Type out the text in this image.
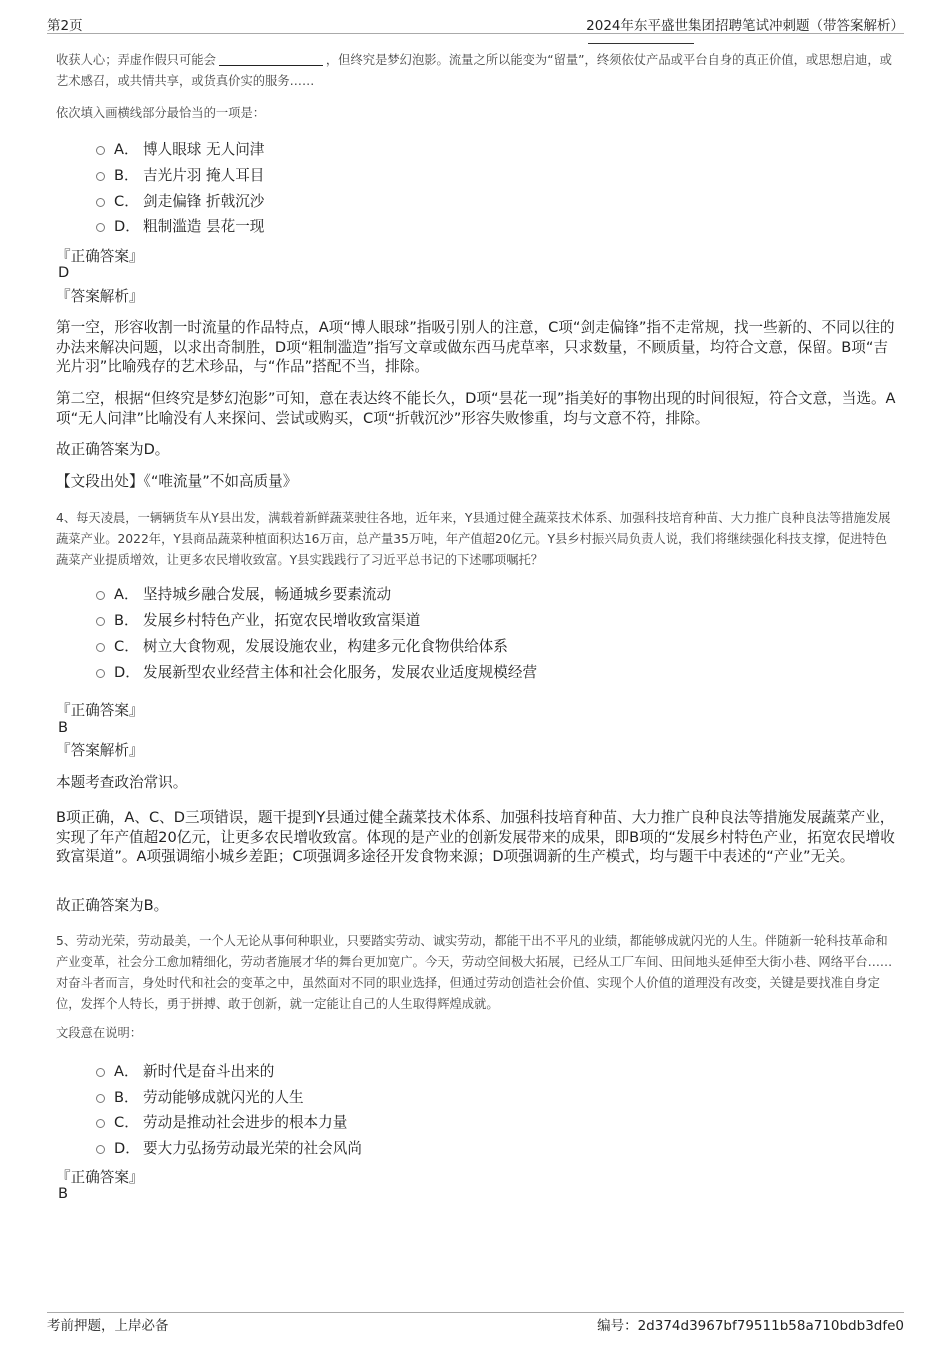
第2页	2024年东平盛世集团招聘笔试冲刺题（带答案解析）
收获人心；弄虚作假只可能会	，但终究是梦幻泡影。流量之所以能变为“留量”，终须依仗产品或平台自身的真正价值，或思想启迪，或艺术感召，或共情共享，或货真价实的服务……
依次填入画横线部分最恰当的一项是：
A． 博人眼球 无人问津
B． 吉光片羽 掩人耳目
C． 剑走偏锋 折戟沉沙
D． 粗制滥造 昙花一现
『正确答案』
D
『答案解析』
第一空，形容收割一时流量的作品特点，A项“博人眼球”指吸引别人的注意，C项“剑走偏锋”指不走常规，找一些新的、不同以往的办法来解决问题，以求出奇制胜，D项“粗制滥造”指写文章或做东西马虎草率，只求数量，不顾质量，均符合文意，保留。B项“吉光片羽”比喻残存的艺术珍品，与“作品”搭配不当，排除。
第二空，根据“但终究是梦幻泡影”可知，意在表达终不能长久，D项“昙花一现”指美好的事物出现的时间很短，符合文意，当选。A项“无人问津”比喻没有人来探问、尝试或购买，C项“折戟沉沙”形容失败惨重，均与文意不符，排除。
故正确答案为D。
【文段出处】《“唯流量”不如高质量》
4、每天凌晨，一辆辆货车从Y县出发，满载着新鲜蔬菜驶往各地，近年来，Y县通过健全蔬菜技术体系、加强科技培育种苗、大力推广良种良法等措施发展蔬菜产业。2022年，Y县商品蔬菜种植面积达16万亩，总产量35万吨，年产值超20亿元。Y县乡村振兴局负责人说，我们将继续强化科技支撑，促进特色蔬菜产业提质增效，让更多农民增收致富。Y县实践践行了习近平总书记的下述哪项嘱托？
A． 坚持城乡融合发展，畅通城乡要素流动
B． 发展乡村特色产业，拓宽农民增收致富渠道
C． 树立大食物观，发展设施农业，构建多元化食物供给体系
D． 发展新型农业经营主体和社会化服务，发展农业适度规模经营
『正确答案』
B
『答案解析』
本题考查政治常识。
B项正确，A、C、D三项错误，题干提到Y县通过健全蔬菜技术体系、加强科技培育种苗、大力推广良种良法等措施发展蔬菜产业，实现了年产值超20亿元，让更多农民增收致富。体现的是产业的创新发展带来的成果，即B项的“发展乡村特色产业，拓宽农民增收致富渠道”。A项强调缩小城乡差距；C项强调多途径开发食物来源；D项强调新的生产模式，均与题干中表述的“产业”无关。
故正确答案为B。
5、劳动光荣，劳动最美，一个人无论从事何种职业，只要踏实劳动、诚实劳动，都能干出不平凡的业绩，都能够成就闪光的人生。伴随新一轮科技革命和产业变革，社会分工愈加精细化，劳动者施展才华的舞台更加宽广。今天，劳动空间极大拓展，已经从工厂车间、田间地头延伸至大街小巷、网络平台……对奋斗者而言，身处时代和社会的变革之中，虽然面对不同的职业选择，但通过劳动创造社会价值、实现个人价值的道理没有改变，关键是要找准自身定位，发挥个人特长，勇于拼搏、敢于创新，就一定能让自己的人生取得辉煌成就。
文段意在说明：
A． 新时代是奋斗出来的
B． 劳动能够成就闪光的人生
C． 劳动是推动社会进步的根本力量
D． 要大力弘扬劳动最光荣的社会风尚
『正确答案』
B
考前押题，上岸必备	编号：2d374d3967bf79511b58a710bdb3dfe0
